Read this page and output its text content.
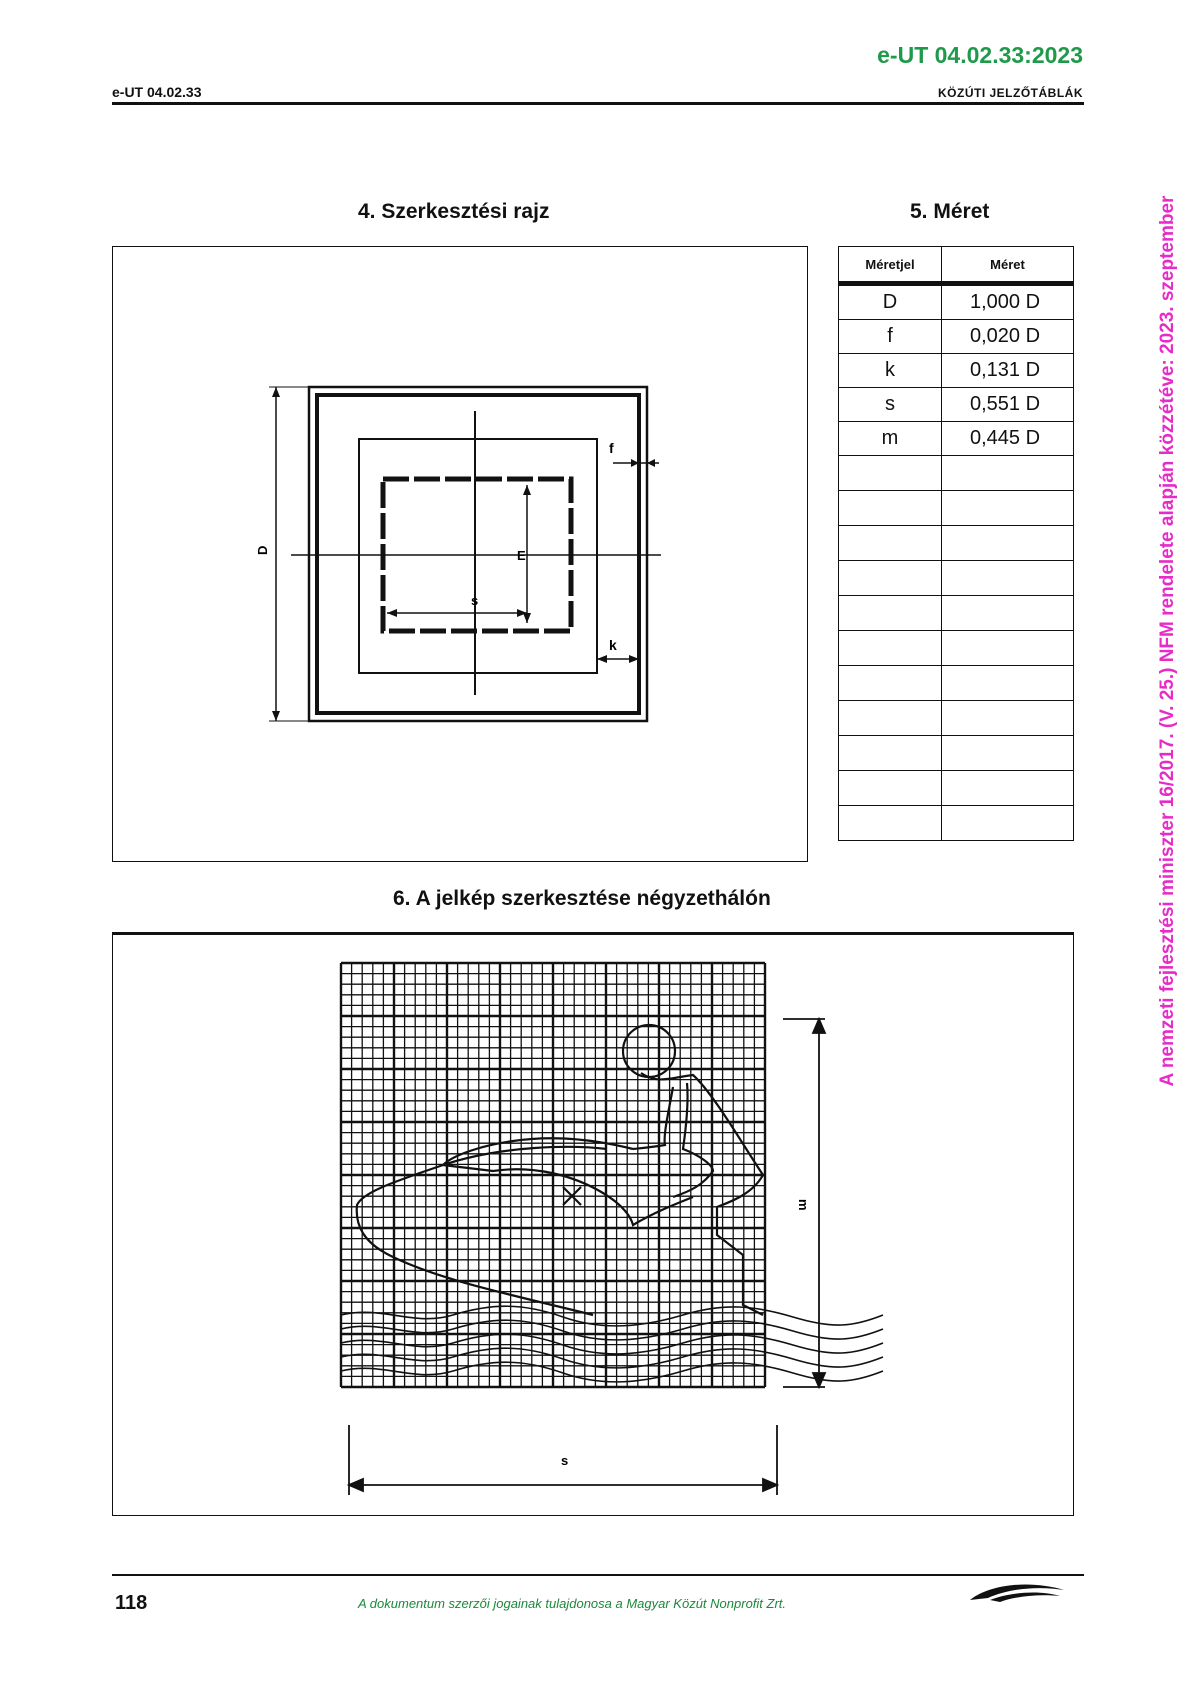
e-UT 04.02.33:2023
e-UT 04.02.33	KÖZÚTI JELZŐTÁBLÁK
4. Szerkesztési rajz	5. Méret
D
f
s
E
k
Méretjel	Méret
D	1,000 D
f	0,020 D
k	0,131 D
s	0,551 D
m	0,445 D

6. A jelkép szerkesztése négyzethálón
m
s
A nemzeti fejlesztési miniszter 16/2017. (V. 25.) NFM rendelete alapján közzétéve: 2023. szeptember
118	A dokumentum szerzői jogainak tulajdonosa a Magyar Közút Nonprofit Zrt.
